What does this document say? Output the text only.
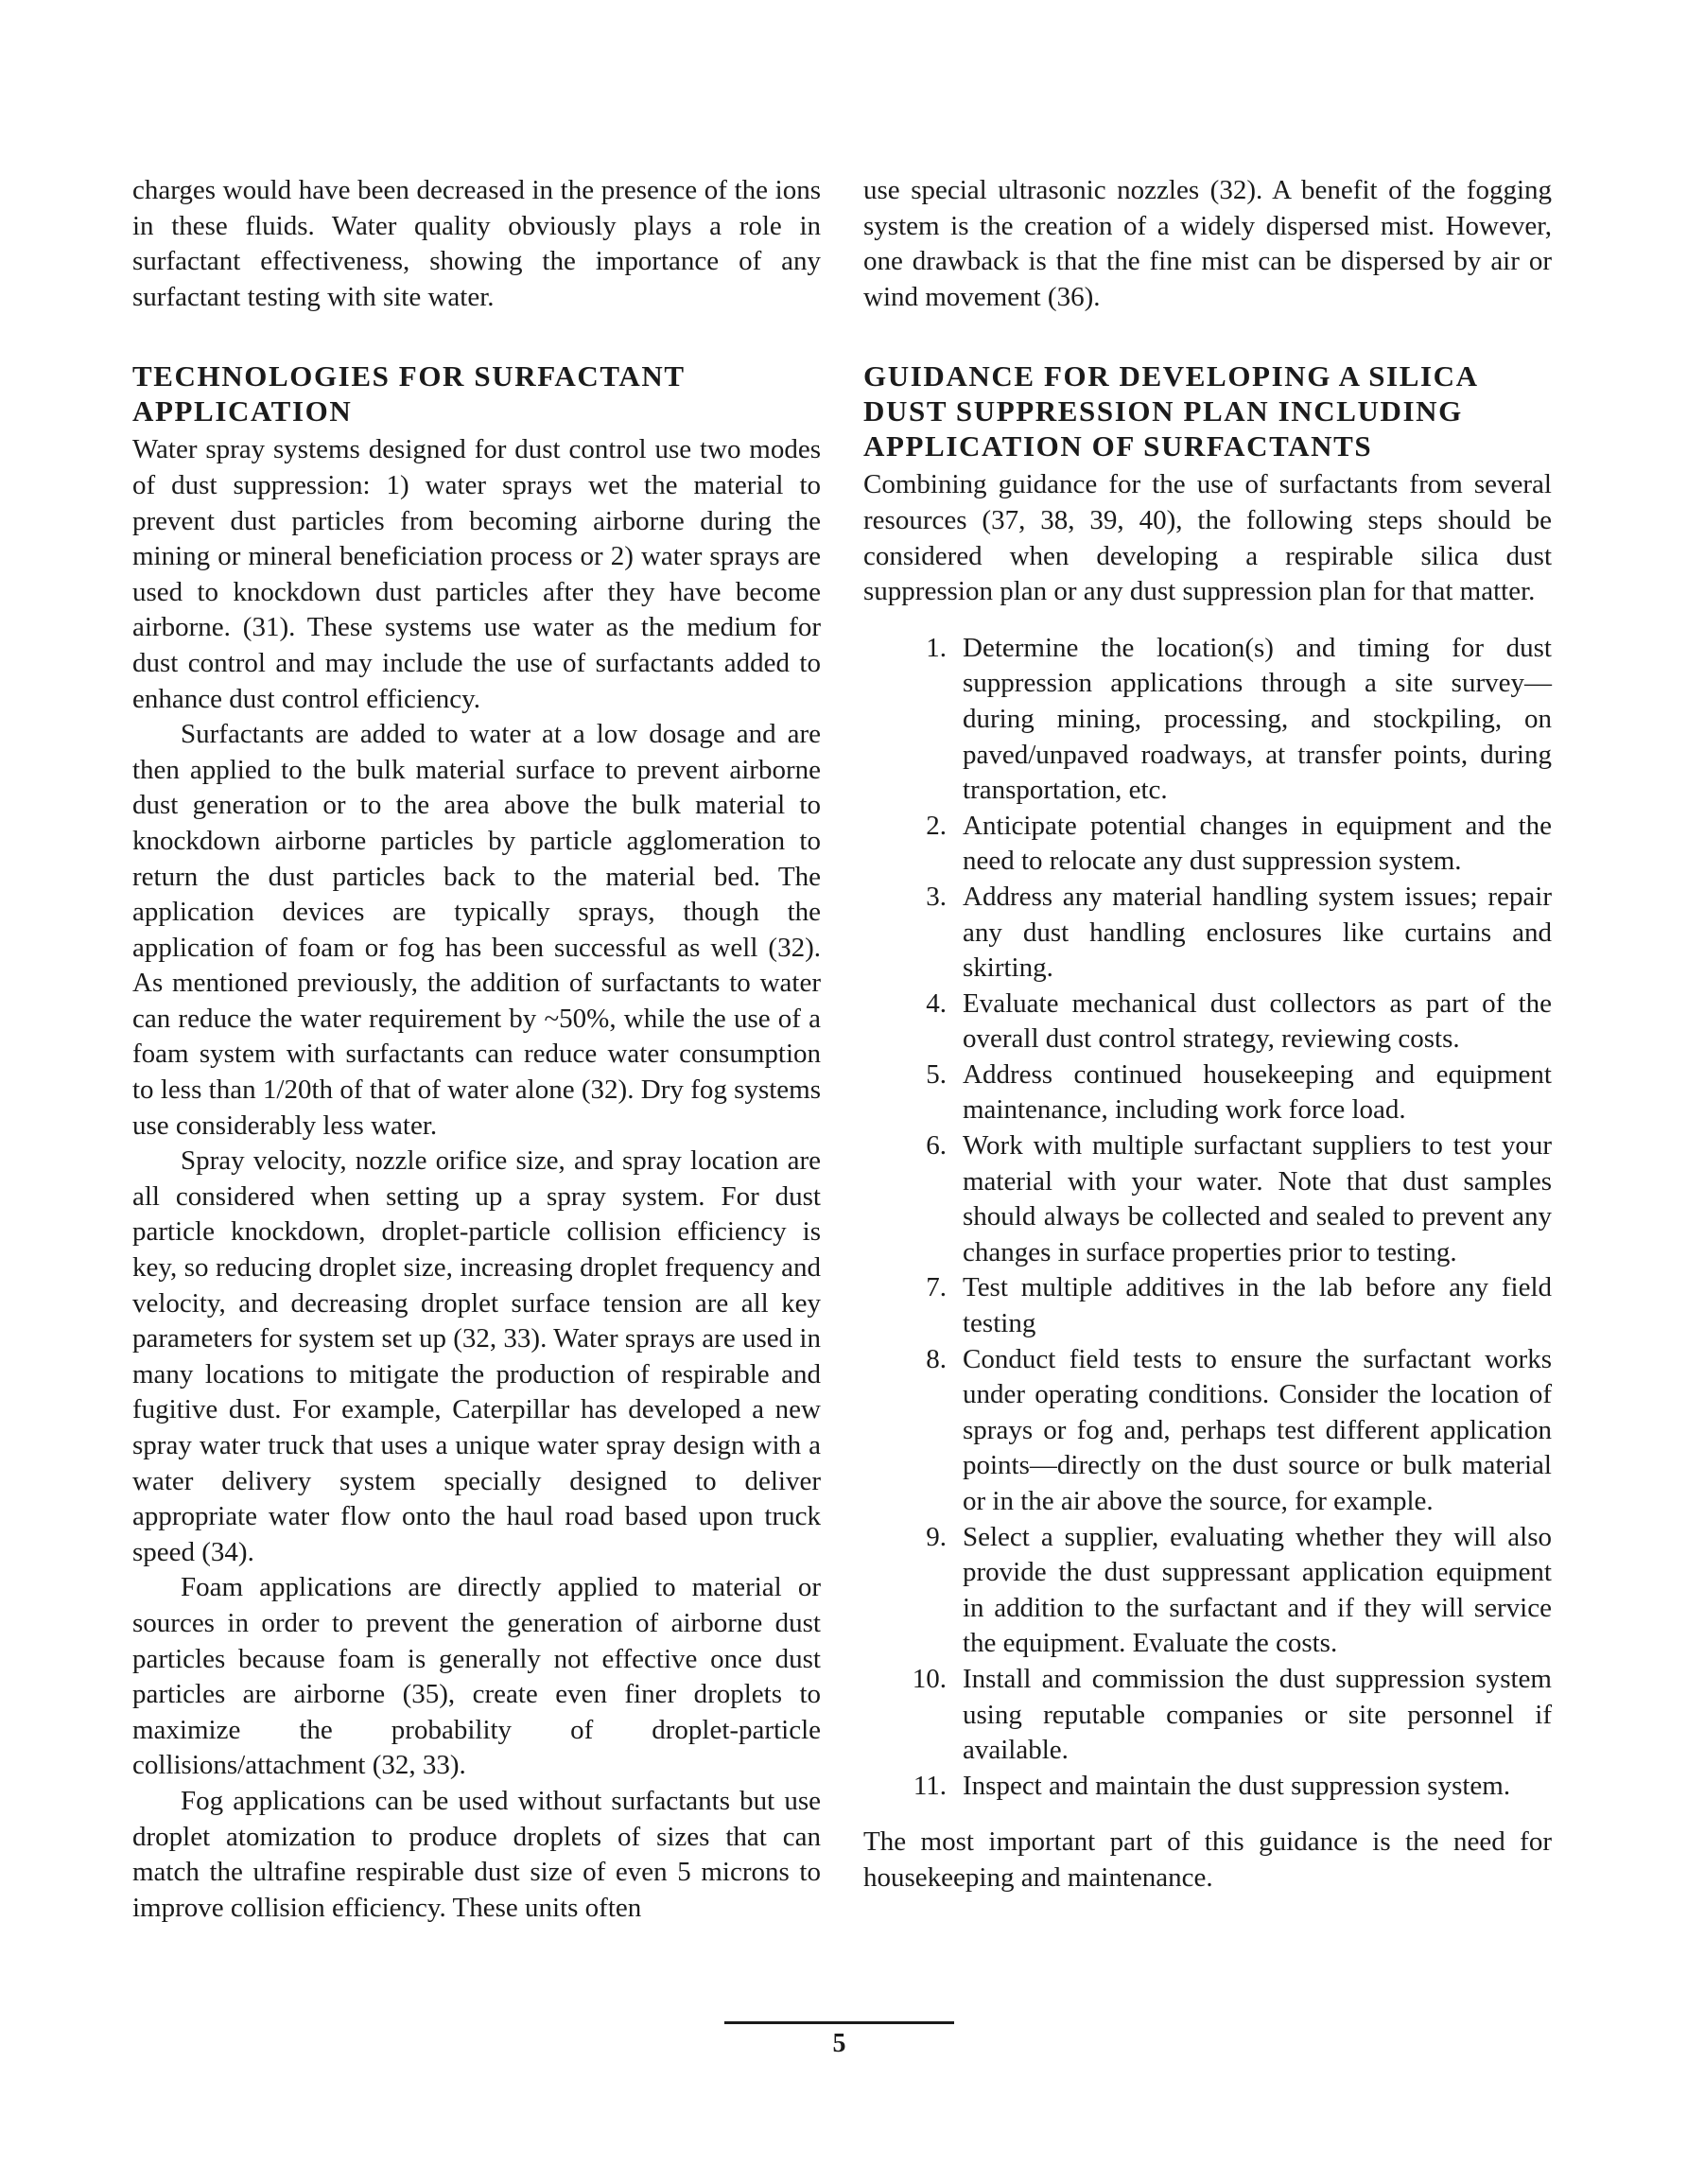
charges would have been decreased in the presence of the ions in these fluids. Water quality obviously plays a role in surfactant effectiveness, showing the importance of any surfactant testing with site water.

TECHNOLOGIES FOR SURFACTANT APPLICATION

Water spray systems designed for dust control use two modes of dust suppression: 1) water sprays wet the material to prevent dust particles from becoming airborne during the mining or mineral beneficiation process or 2) water sprays are used to knockdown dust particles after they have become airborne. (31). These systems use water as the medium for dust control and may include the use of surfactants added to enhance dust control efficiency.

Surfactants are added to water at a low dosage and are then applied to the bulk material surface to prevent airborne dust generation or to the area above the bulk material to knockdown airborne particles by particle agglomeration to return the dust particles back to the material bed. The application devices are typically sprays, though the application of foam or fog has been successful as well (32). As mentioned previously, the addition of surfactants to water can reduce the water requirement by ~50%, while the use of a foam system with surfactants can reduce water consumption to less than 1/20th of that of water alone (32). Dry fog systems use considerably less water.

Spray velocity, nozzle orifice size, and spray location are all considered when setting up a spray system. For dust particle knockdown, droplet-particle collision efficiency is key, so reducing droplet size, increasing droplet frequency and velocity, and decreasing droplet surface tension are all key parameters for system set up (32, 33). Water sprays are used in many locations to mitigate the production of respirable and fugitive dust. For example, Caterpillar has developed a new spray water truck that uses a unique water spray design with a water delivery system specially designed to deliver appropriate water flow onto the haul road based upon truck speed (34).

Foam applications are directly applied to material or sources in order to prevent the generation of airborne dust particles because foam is generally not effective once dust particles are airborne (35), create even finer droplets to maximize the probability of droplet-particle collisions/attachment (32, 33).

Fog applications can be used without surfactants but use droplet atomization to produce droplets of sizes that can match the ultrafine respirable dust size of even 5 microns to improve collision efficiency. These units often

use special ultrasonic nozzles (32). A benefit of the fogging system is the creation of a widely dispersed mist. However, one drawback is that the fine mist can be dispersed by air or wind movement (36).

GUIDANCE FOR DEVELOPING A SILICA DUST SUPPRESSION PLAN INCLUDING APPLICATION OF SURFACTANTS

Combining guidance for the use of surfactants from several resources (37, 38, 39, 40), the following steps should be considered when developing a respirable silica dust suppression plan or any dust suppression plan for that matter.

1. Determine the location(s) and timing for dust suppression applications through a site survey—during mining, processing, and stockpiling, on paved/unpaved roadways, at transfer points, during transportation, etc.
2. Anticipate potential changes in equipment and the need to relocate any dust suppression system.
3. Address any material handling system issues; repair any dust handling enclosures like curtains and skirting.
4. Evaluate mechanical dust collectors as part of the overall dust control strategy, reviewing costs.
5. Address continued housekeeping and equipment maintenance, including work force load.
6. Work with multiple surfactant suppliers to test your material with your water. Note that dust samples should always be collected and sealed to prevent any changes in surface properties prior to testing.
7. Test multiple additives in the lab before any field testing
8. Conduct field tests to ensure the surfactant works under operating conditions. Consider the location of sprays or fog and, perhaps test different application points—directly on the dust source or bulk material or in the air above the source, for example.
9. Select a supplier, evaluating whether they will also provide the dust suppressant application equipment in addition to the surfactant and if they will service the equipment. Evaluate the costs.
10. Install and commission the dust suppression system using reputable companies or site personnel if available.
11. Inspect and maintain the dust suppression system.

The most important part of this guidance is the need for housekeeping and maintenance.

5
